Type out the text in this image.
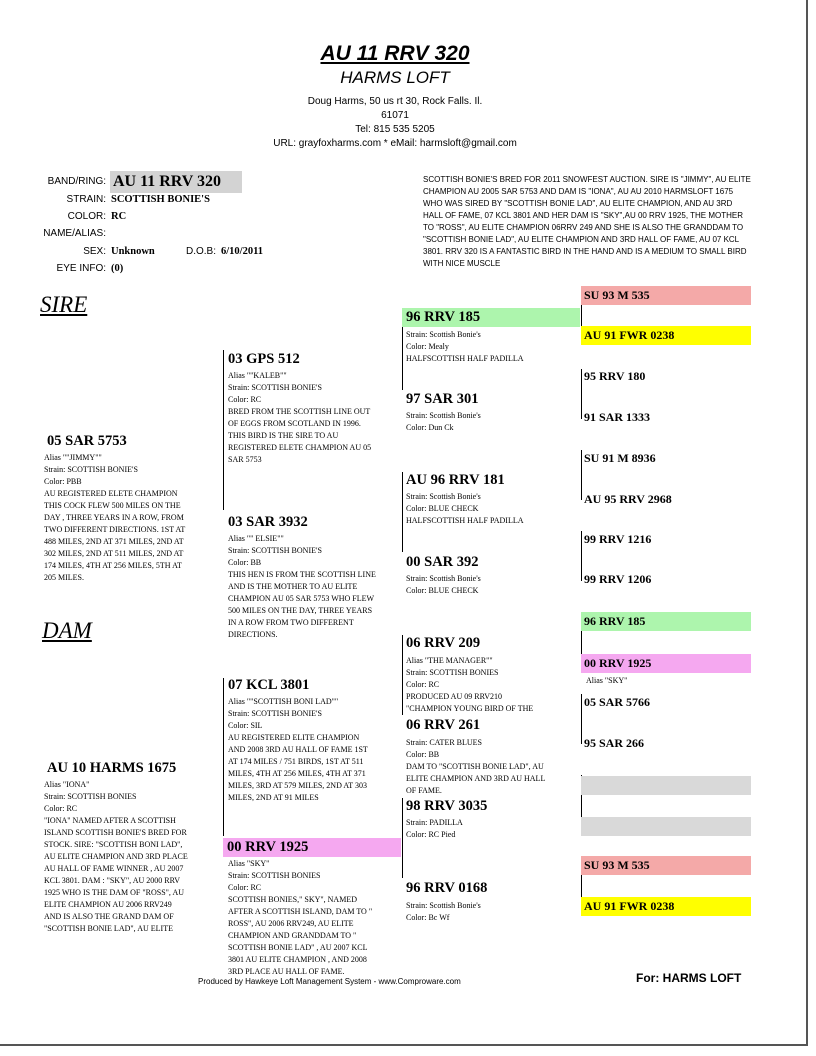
AU 11 RRV 320
HARMS LOFT
Doug Harms, 50 us rt 30, Rock Falls. Il.
61071
Tel: 815 535 5205
URL: grayfoxharms.com * eMail: harmsloft@gmail.com
BAND/RING: AU 11 RRV 320
STRAIN: SCOTTISH BONIE'S
COLOR: RC
NAME/ALIAS:
SEX: Unknown	D.O.B: 6/10/2011
EYE INFO: (0)
SCOTTISH BONIE'S BRED FOR 2011 SNOWFEST AUCTION. SIRE IS "JIMMY", AU ELITE CHAMPION AU 2005 SAR 5753 AND DAM IS "IONA", AU AU 2010 HARMSLOFT 1675 WHO WAS SIRED BY "SCOTTISH BONIE LAD", AU ELITE CHAMPION, AND AU 3RD HALL OF FAME, 07 KCL 3801 AND HER DAM IS "SKY",AU 00 RRV 1925, THE MOTHER TO "ROSS", AU ELITE CHAMPION 06RRV 249 AND SHE IS ALSO THE GRANDDAM TO "SCOTTISH BONIE LAD", AU ELITE CHAMPION AND 3RD HALL OF FAME, AU 07 KCL 3801. RRV 320 IS A FANTASTIC BIRD IN THE HAND AND IS A MEDIUM TO SMALL BIRD WITH NICE MUSCLE
SIRE
DAM
05 SAR 5753
Alias ""JIMMY""
Strain: SCOTTISH BONIE'S
Color: PBB
AU REGISTERED ELETE CHAMPION
THIS COCK FLEW 500 MILES ON THE
DAY , THREE YEARS IN A ROW, FROM
TWO DIFFERENT DIRECTIONS. 1ST AT
488 MILES, 2ND AT 371 MILES, 2ND AT
302 MILES, 2ND AT 511 MILES, 2ND AT
174 MILES, 4TH AT 256 MILES, 5TH AT
205 MILES.
AU 10 HARMS 1675
Alias "IONA"
Strain: SCOTTISH BONIES
Color: RC
"IONA" NAMED AFTER A SCOTTISH
ISLAND SCOTTISH BONIE'S BRED FOR
STOCK. SIRE: "SCOTTISH BONI LAD",
AU ELITE CHAMPION AND 3RD PLACE
AU HALL OF FAME WINNER , AU 2007
KCL 3801. DAM : "SKY", AU 2000 RRV
1925 WHO IS THE DAM OF "ROSS", AU
ELITE CHAMPION AU 2006 RRV249
AND IS ALSO THE GRAND DAM OF
"SCOTTISH BONIE LAD", AU ELITE
03 GPS 512
Alias ""KALEB""
Strain: SCOTTISH BONIE'S
Color: RC
BRED FROM THE SCOTTISH LINE OUT
OF EGGS FROM SCOTLAND IN 1996.
THIS BIRD IS THE SIRE TO AU
REGISTERED ELETE CHAMPION AU 05
SAR 5753
03 SAR 3932
Alias "" ELSIE""
Strain: SCOTTISH BONIE'S
Color: BB
THIS HEN IS FROM THE SCOTTISH LINE
AND IS THE MOTHER TO AU ELITE
CHAMPION AU 05 SAR 5753 WHO FLEW
500 MILES ON THE DAY, THREE YEARS
IN A ROW FROM TWO DIFFERENT
DIRECTIONS.
07 KCL 3801
Alias ""SCOTTISH BONI LAD""
Strain: SCOTTISH BONIE'S
Color: SIL
AU REGISTERED ELITE CHAMPION
AND 2008 3RD AU HALL OF FAME 1ST
AT 174 MILES / 751 BIRDS, 1ST AT 511
MILES, 4TH AT 256 MILES, 4TH AT 371
MILES, 3RD AT 579 MILES, 2ND AT 303
MILES, 2ND AT 91 MILES
00 RRV 1925
Alias "SKY"
Strain: SCOTTISH BONIES
Color: RC
SCOTTISH BONIES," SKY", NAMED
AFTER A SCOTTISH ISLAND, DAM TO "
ROSS", AU 2006 RRV249, AU ELITE
CHAMPION AND GRANDDAM TO "
SCOTTISH BONIE LAD" , AU 2007 KCL
3801 AU ELITE CHAMPION , AND 2008
3RD PLACE AU HALL OF FAME.
96 RRV 185
Strain: Scottish Bonie's
Color: Mealy
HALFSCOTTISH HALF PADILLA
97 SAR 301
Strain: Scottish Bonie's
Color: Dun Ck
AU 96 RRV 181
Strain: Scottish Bonie's
Color: BLUE CHECK
HALFSCOTTISH HALF PADILLA
00 SAR 392
Strain: Scottish Bonie's
Color: BLUE CHECK
06 RRV 209
Alias "THE MANAGER""
Strain: SCOTTISH BONIES
Color: RC
PRODUCED AU 09 RRV210
"CHAMPION YOUNG BIRD OF THE
06 RRV 261
Strain: CATER BLUES
Color: BB
DAM TO "SCOTTISH BONIE LAD", AU
ELITE CHAMPION AND 3RD AU HALL
OF FAME.
98 RRV 3035
Strain: PADILLA
Color: RC Pied
96 RRV 0168
Strain: Scottish Bonie's
Color: Bc Wf
SU 93 M 535
AU 91 FWR 0238
95 RRV 180
91 SAR 1333
SU 91 M 8936
AU 95 RRV 2968
99 RRV 1216
99 RRV 1206
96 RRV 185
00 RRV 1925
Alias "SKY"
05 SAR 5766
95 SAR 266
SU 93 M 535
AU 91 FWR 0238
Produced by Hawkeye Loft Management System - www.Comproware.com	For: HARMS LOFT
